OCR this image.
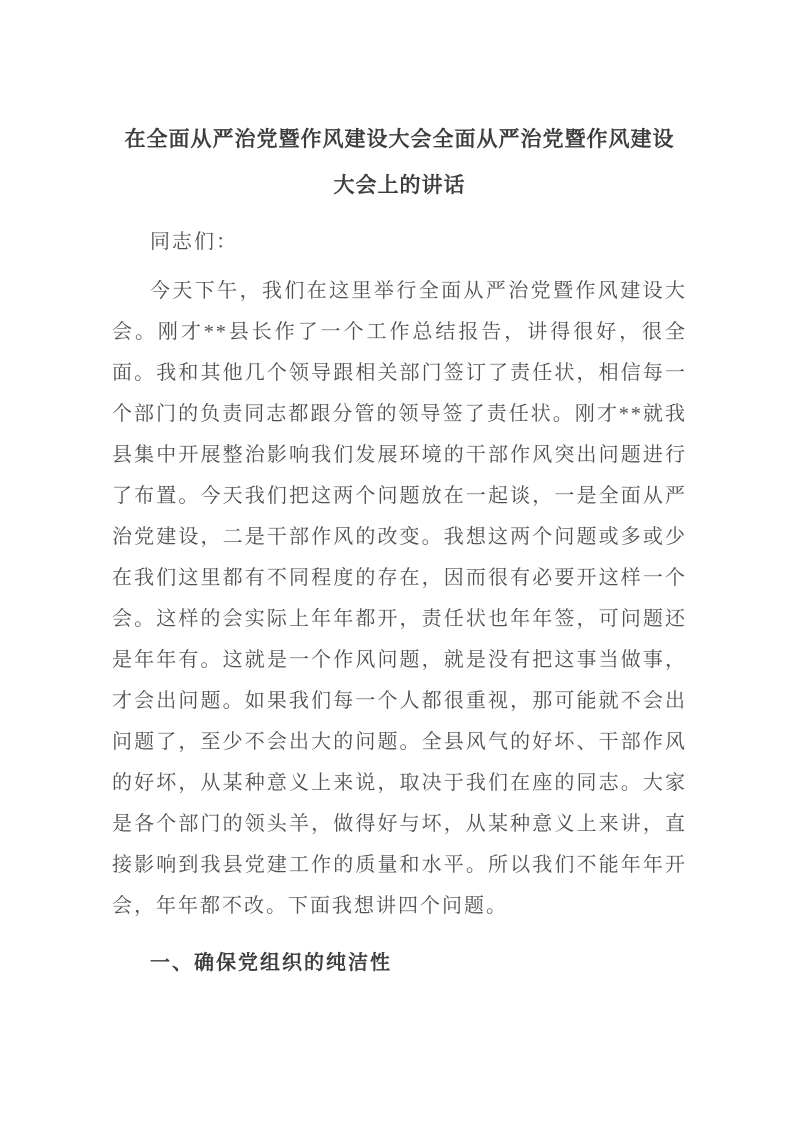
在全面从严治党暨作风建设大会全面从严治党暨作风建设大会上的讲话

同志们：

今天下午，我们在这里举行全面从严治党暨作风建设大会。刚才**县长作了一个工作总结报告，讲得很好，很全面。我和其他几个领导跟相关部门签订了责任状，相信每一个部门的负责同志都跟分管的领导签了责任状。刚才**就我县集中开展整治影响我们发展环境的干部作风突出问题进行了布置。今天我们把这两个问题放在一起谈，一是全面从严治党建设，二是干部作风的改变。我想这两个问题或多或少在我们这里都有不同程度的存在，因而很有必要开这样一个会。这样的会实际上年年都开，责任状也年年签，可问题还是年年有。这就是一个作风问题，就是没有把这事当做事，才会出问题。如果我们每一个人都很重视，那可能就不会出问题了，至少不会出大的问题。全县风气的好坏、干部作风的好坏，从某种意义上来说，取决于我们在座的同志。大家是各个部门的领头羊，做得好与坏，从某种意义上来讲，直接影响到我县党建工作的质量和水平。所以我们不能年年开会，年年都不改。下面我想讲四个问题。

一、确保党组织的纯洁性
